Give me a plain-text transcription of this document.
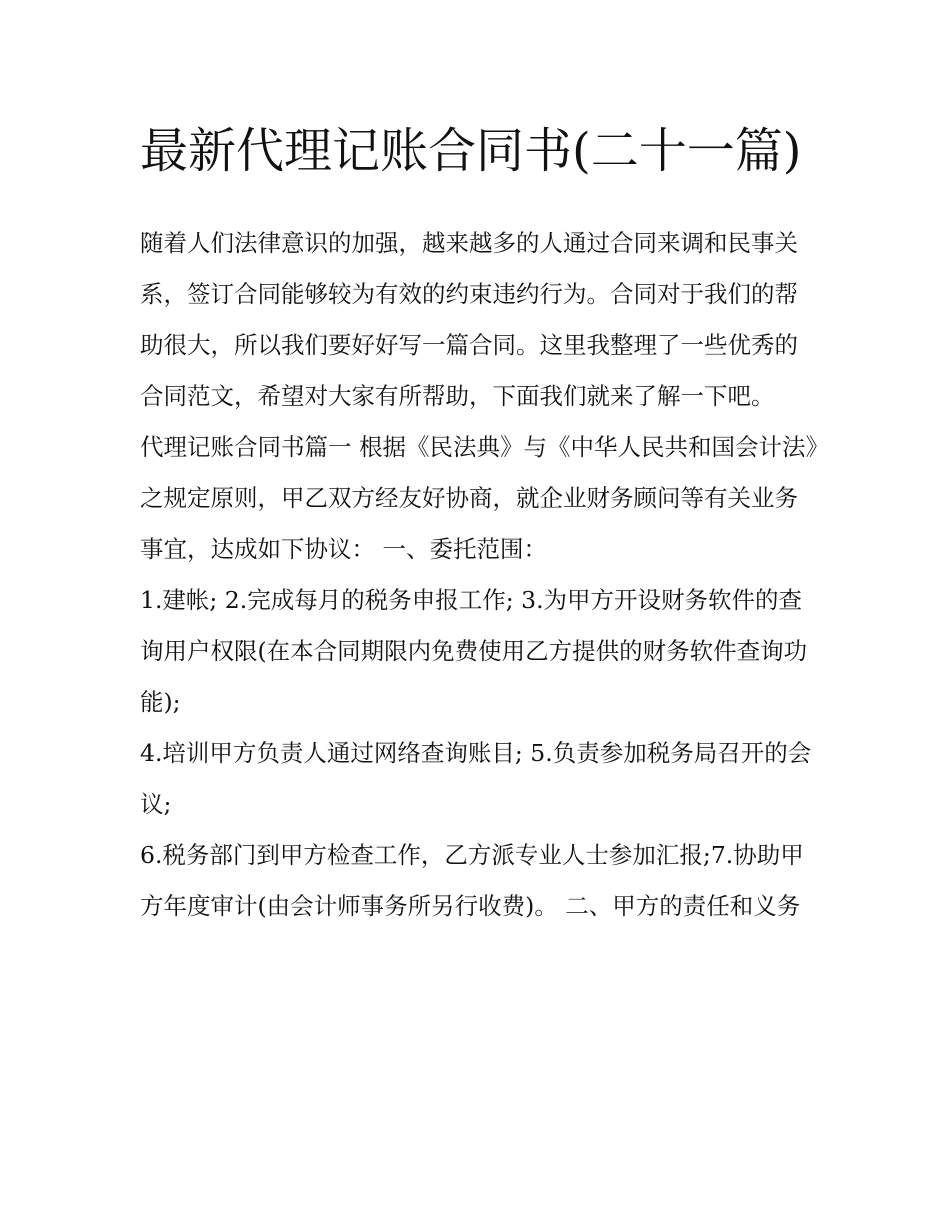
最新代理记账合同书(二十一篇)

随着人们法律意识的加强，越来越多的人通过合同来调和民事关系，签订合同能够较为有效的约束违约行为。合同对于我们的帮助很大，所以我们要好好写一篇合同。这里我整理了一些优秀的合同范文，希望对大家有所帮助，下面我们就来了解一下吧。

代理记账合同书篇一 根据《民法典》与《中华人民共和国会计法》之规定原则，甲乙双方经友好协商，就企业财务顾问等有关业务事宜，达成如下协议： 一、委托范围：

1.建帐; 2.完成每月的税务申报工作; 3.为甲方开设财务软件的查询用户权限(在本合同期限内免费使用乙方提供的财务软件查询功能);

4.培训甲方负责人通过网络查询账目; 5.负责参加税务局召开的会议;

6.税务部门到甲方检查工作，乙方派专业人士参加汇报;7.协助甲方年度审计(由会计师事务所另行收费)。 二、甲方的责任和义务
